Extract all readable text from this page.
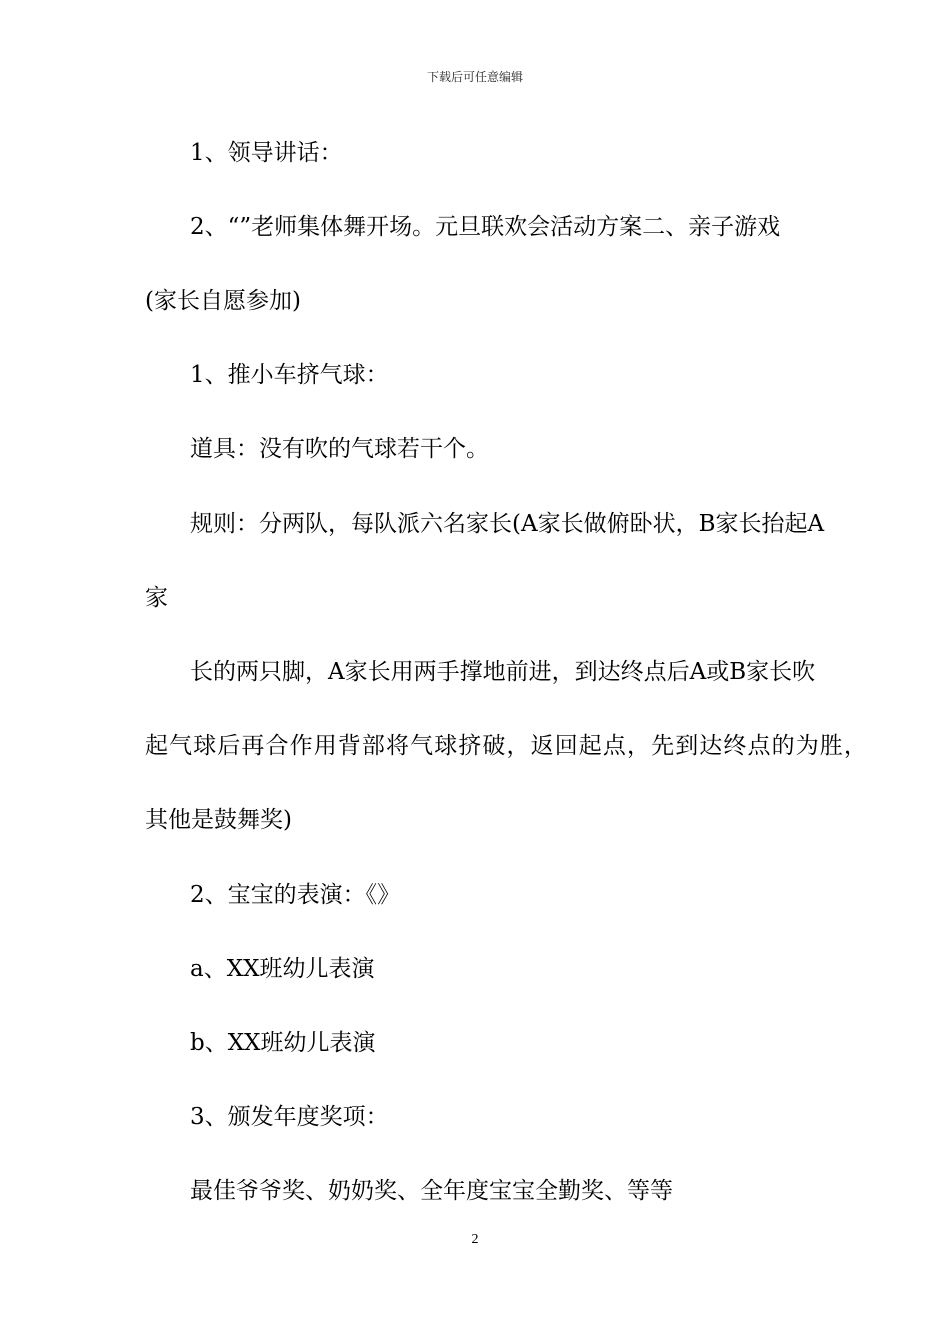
下载后可任意编辑
1、领导讲话：
2、“”老师集体舞开场。元旦联欢会活动方案二、亲子游戏
(家长自愿参加)
1、推小车挤气球：
道具：没有吹的气球若干个。
规则：分两队，每队派六名家长(A家长做俯卧状，B家长抬起A
家
长的两只脚，A家长用两手撑地前进，到达终点后A或B家长吹
起气球后再合作用背部将气球挤破，返回起点，先到达终点的为胜，
其他是鼓舞奖)
2、宝宝的表演：《》
a、XX班幼儿表演
b、XX班幼儿表演
3、颁发年度奖项：
最佳爷爷奖、奶奶奖、全年度宝宝全勤奖、等等
2
